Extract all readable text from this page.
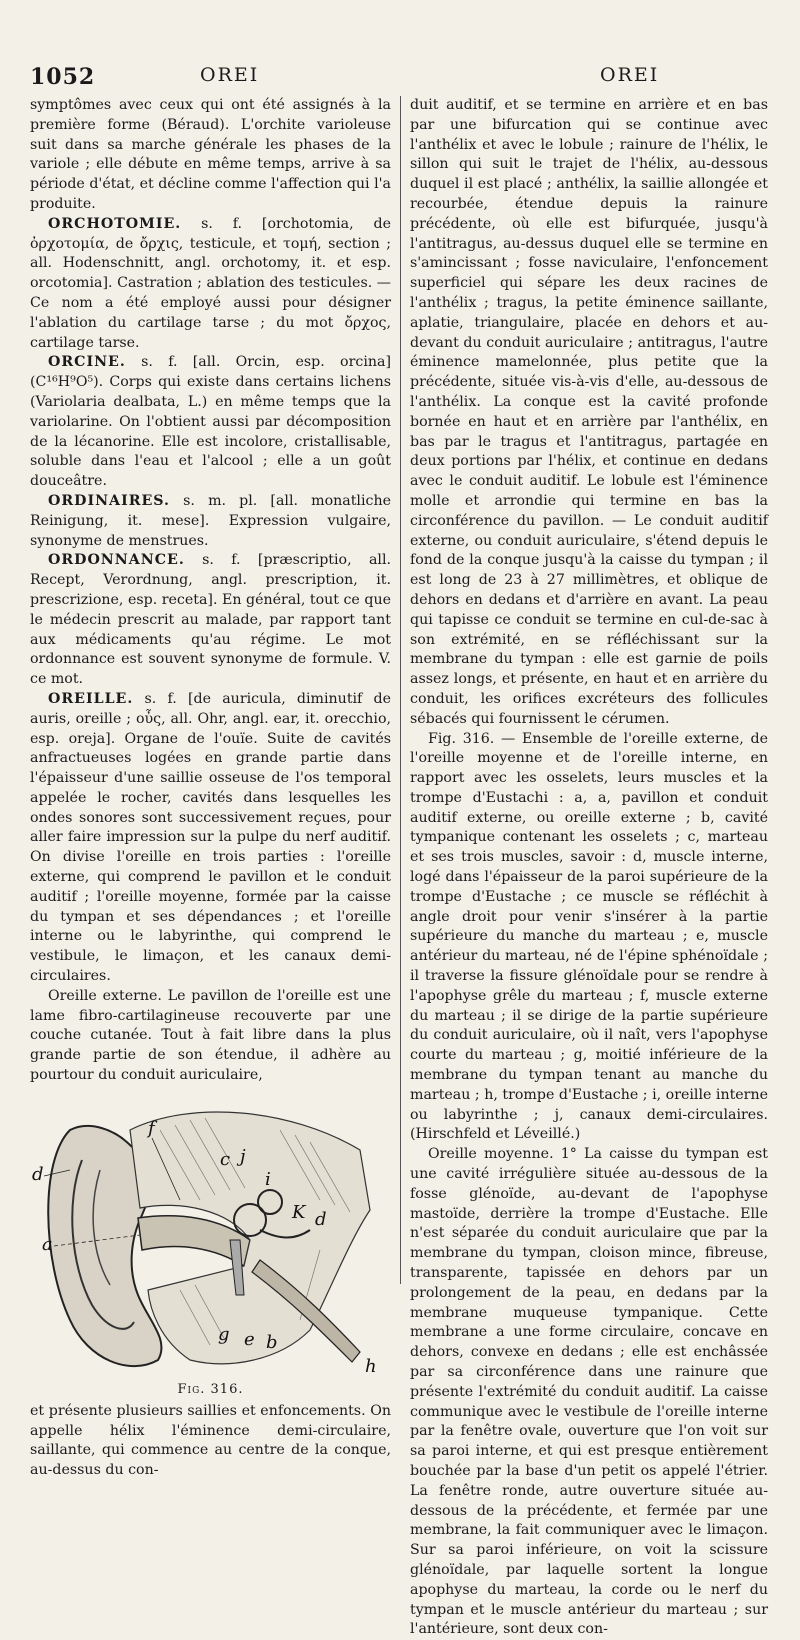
1052	OREI	OREI

symptômes avec ceux qui ont été assignés à la première forme (Béraud). L'orchite varioleuse suit dans sa marche générale les phases de la variole ; elle débute en même temps, arrive à sa période d'état, et décline comme l'affection qui l'a produite.

ORCHOTOMIE. s. f. [orchotomia, de ὀρχοτομία, de ὄρχις, testicule, et τομή, section ; all. Hodenschnitt, angl. orchotomy, it. et esp. orcotomia]. Castration ; ablation des testicules. — Ce nom a été employé aussi pour désigner l'ablation du cartilage tarse ; du mot ὄρχος, cartilage tarse.

ORCINE. s. f. [all. Orcin, esp. orcina] (C¹⁶H⁹O⁵). Corps qui existe dans certains lichens (Variolaria dealbata, L.) en même temps que la variolarine. On l'obtient aussi par décomposition de la lécanorine. Elle est incolore, cristallisable, soluble dans l'eau et l'alcool ; elle a un goût douceâtre.

ORDINAIRES. s. m. pl. [all. monatliche Reinigung, it. mese]. Expression vulgaire, synonyme de menstrues.

ORDONNANCE. s. f. [præscriptio, all. Recept, Verordnung, angl. prescription, it. prescrizione, esp. receta]. En général, tout ce que le médecin prescrit au malade, par rapport tant aux médicaments qu'au régime. Le mot ordonnance est souvent synonyme de formule. V. ce mot.

OREILLE. s. f. [de auricula, diminutif de auris, oreille ; οὖς, all. Ohr, angl. ear, it. orecchio, esp. oreja]. Organe de l'ouïe. Suite de cavités anfractueuses logées en grande partie dans l'épaisseur d'une saillie osseuse de l'os temporal appelée le rocher, cavités dans lesquelles les ondes sonores sont successivement reçues, pour aller faire impression sur la pulpe du nerf auditif. On divise l'oreille en trois parties : l'oreille externe, qui comprend le pavillon et le conduit auditif ; l'oreille moyenne, formée par la caisse du tympan et ses dépendances ; et l'oreille interne ou le labyrinthe, qui comprend le vestibule, le limaçon, et les canaux demi-circulaires.

Oreille externe. Le pavillon de l'oreille est une lame fibro-cartilagineuse recouverte par une couche cutanée. Tout à fait libre dans la plus grande partie de son étendue, il adhère au pourtour du conduit auriculaire,

f
c j
i
d
K d
a
g e b
h
Fig. 316.

et présente plusieurs saillies et enfoncements. On appelle hélix l'éminence demi-circulaire, saillante, qui commence au centre de la conque, au-dessus du con-

duit auditif, et se termine en arrière et en bas par une bifurcation qui se continue avec l'anthélix et avec le lobule ; rainure de l'hélix, le sillon qui suit le trajet de l'hélix, au-dessous duquel il est placé ; anthélix, la saillie allongée et recourbée, étendue depuis la rainure précédente, où elle est bifurquée, jusqu'à l'antitragus, au-dessus duquel elle se termine en s'amincissant ; fosse naviculaire, l'enfoncement superficiel qui sépare les deux racines de l'anthélix ; tragus, la petite éminence saillante, aplatie, triangulaire, placée en dehors et au-devant du conduit auriculaire ; antitragus, l'autre éminence mamelonnée, plus petite que la précédente, située vis-à-vis d'elle, au-dessous de l'anthélix. La conque est la cavité profonde bornée en haut et en arrière par l'anthélix, en bas par le tragus et l'antitragus, partagée en deux portions par l'hélix, et continue en dedans avec le conduit auditif. Le lobule est l'éminence molle et arrondie qui termine en bas la circonférence du pavillon. — Le conduit auditif externe, ou conduit auriculaire, s'étend depuis le fond de la conque jusqu'à la caisse du tympan ; il est long de 23 à 27 millimètres, et oblique de dehors en dedans et d'arrière en avant. La peau qui tapisse ce conduit se termine en cul-de-sac à son extrémité, en se réfléchissant sur la membrane du tympan : elle est garnie de poils assez longs, et présente, en haut et en arrière du conduit, les orifices excréteurs des follicules sébacés qui fournissent le cérumen.

Fig. 316. — Ensemble de l'oreille externe, de l'oreille moyenne et de l'oreille interne, en rapport avec les osselets, leurs muscles et la trompe d'Eustachi : a, a, pavillon et conduit auditif externe, ou oreille externe ; b, cavité tympanique contenant les osselets ; c, marteau et ses trois muscles, savoir : d, muscle interne, logé dans l'épaisseur de la paroi supérieure de la trompe d'Eustache ; ce muscle se réfléchit à angle droit pour venir s'insérer à la partie supérieure du manche du marteau ; e, muscle antérieur du marteau, né de l'épine sphénoïdale ; il traverse la fissure glénoïdale pour se rendre à l'apophyse grêle du marteau ; f, muscle externe du marteau ; il se dirige de la partie supérieure du conduit auriculaire, où il naît, vers l'apophyse courte du marteau ; g, moitié inférieure de la membrane du tympan tenant au manche du marteau ; h, trompe d'Eustache ; i, oreille interne ou labyrinthe ; j, canaux demi-circulaires. (Hirschfeld et Léveillé.)

Oreille moyenne. 1° La caisse du tympan est une cavité irrégulière située au-dessous de la fosse glénoïde, au-devant de l'apophyse mastoïde, derrière la trompe d'Eustache. Elle n'est séparée du conduit auriculaire que par la membrane du tympan, cloison mince, fibreuse, transparente, tapissée en dehors par un prolongement de la peau, en dedans par la membrane muqueuse tympanique. Cette membrane a une forme circulaire, concave en dehors, convexe en dedans ; elle est enchâssée par sa circonférence dans une rainure que présente l'extrémité du conduit auditif. La caisse communique avec le vestibule de l'oreille interne par la fenêtre ovale, ouverture que l'on voit sur sa paroi interne, et qui est presque entièrement bouchée par la base d'un petit os appelé l'étrier. La fenêtre ronde, autre ouverture située au-dessous de la précédente, et fermée par une membrane, la fait communiquer avec le limaçon. Sur sa paroi inférieure, on voit la scissure glénoïdale, par laquelle sortent la longue apophyse du marteau, la corde ou le nerf du tympan et le muscle antérieur du marteau ; sur l'antérieure, sont deux con-
